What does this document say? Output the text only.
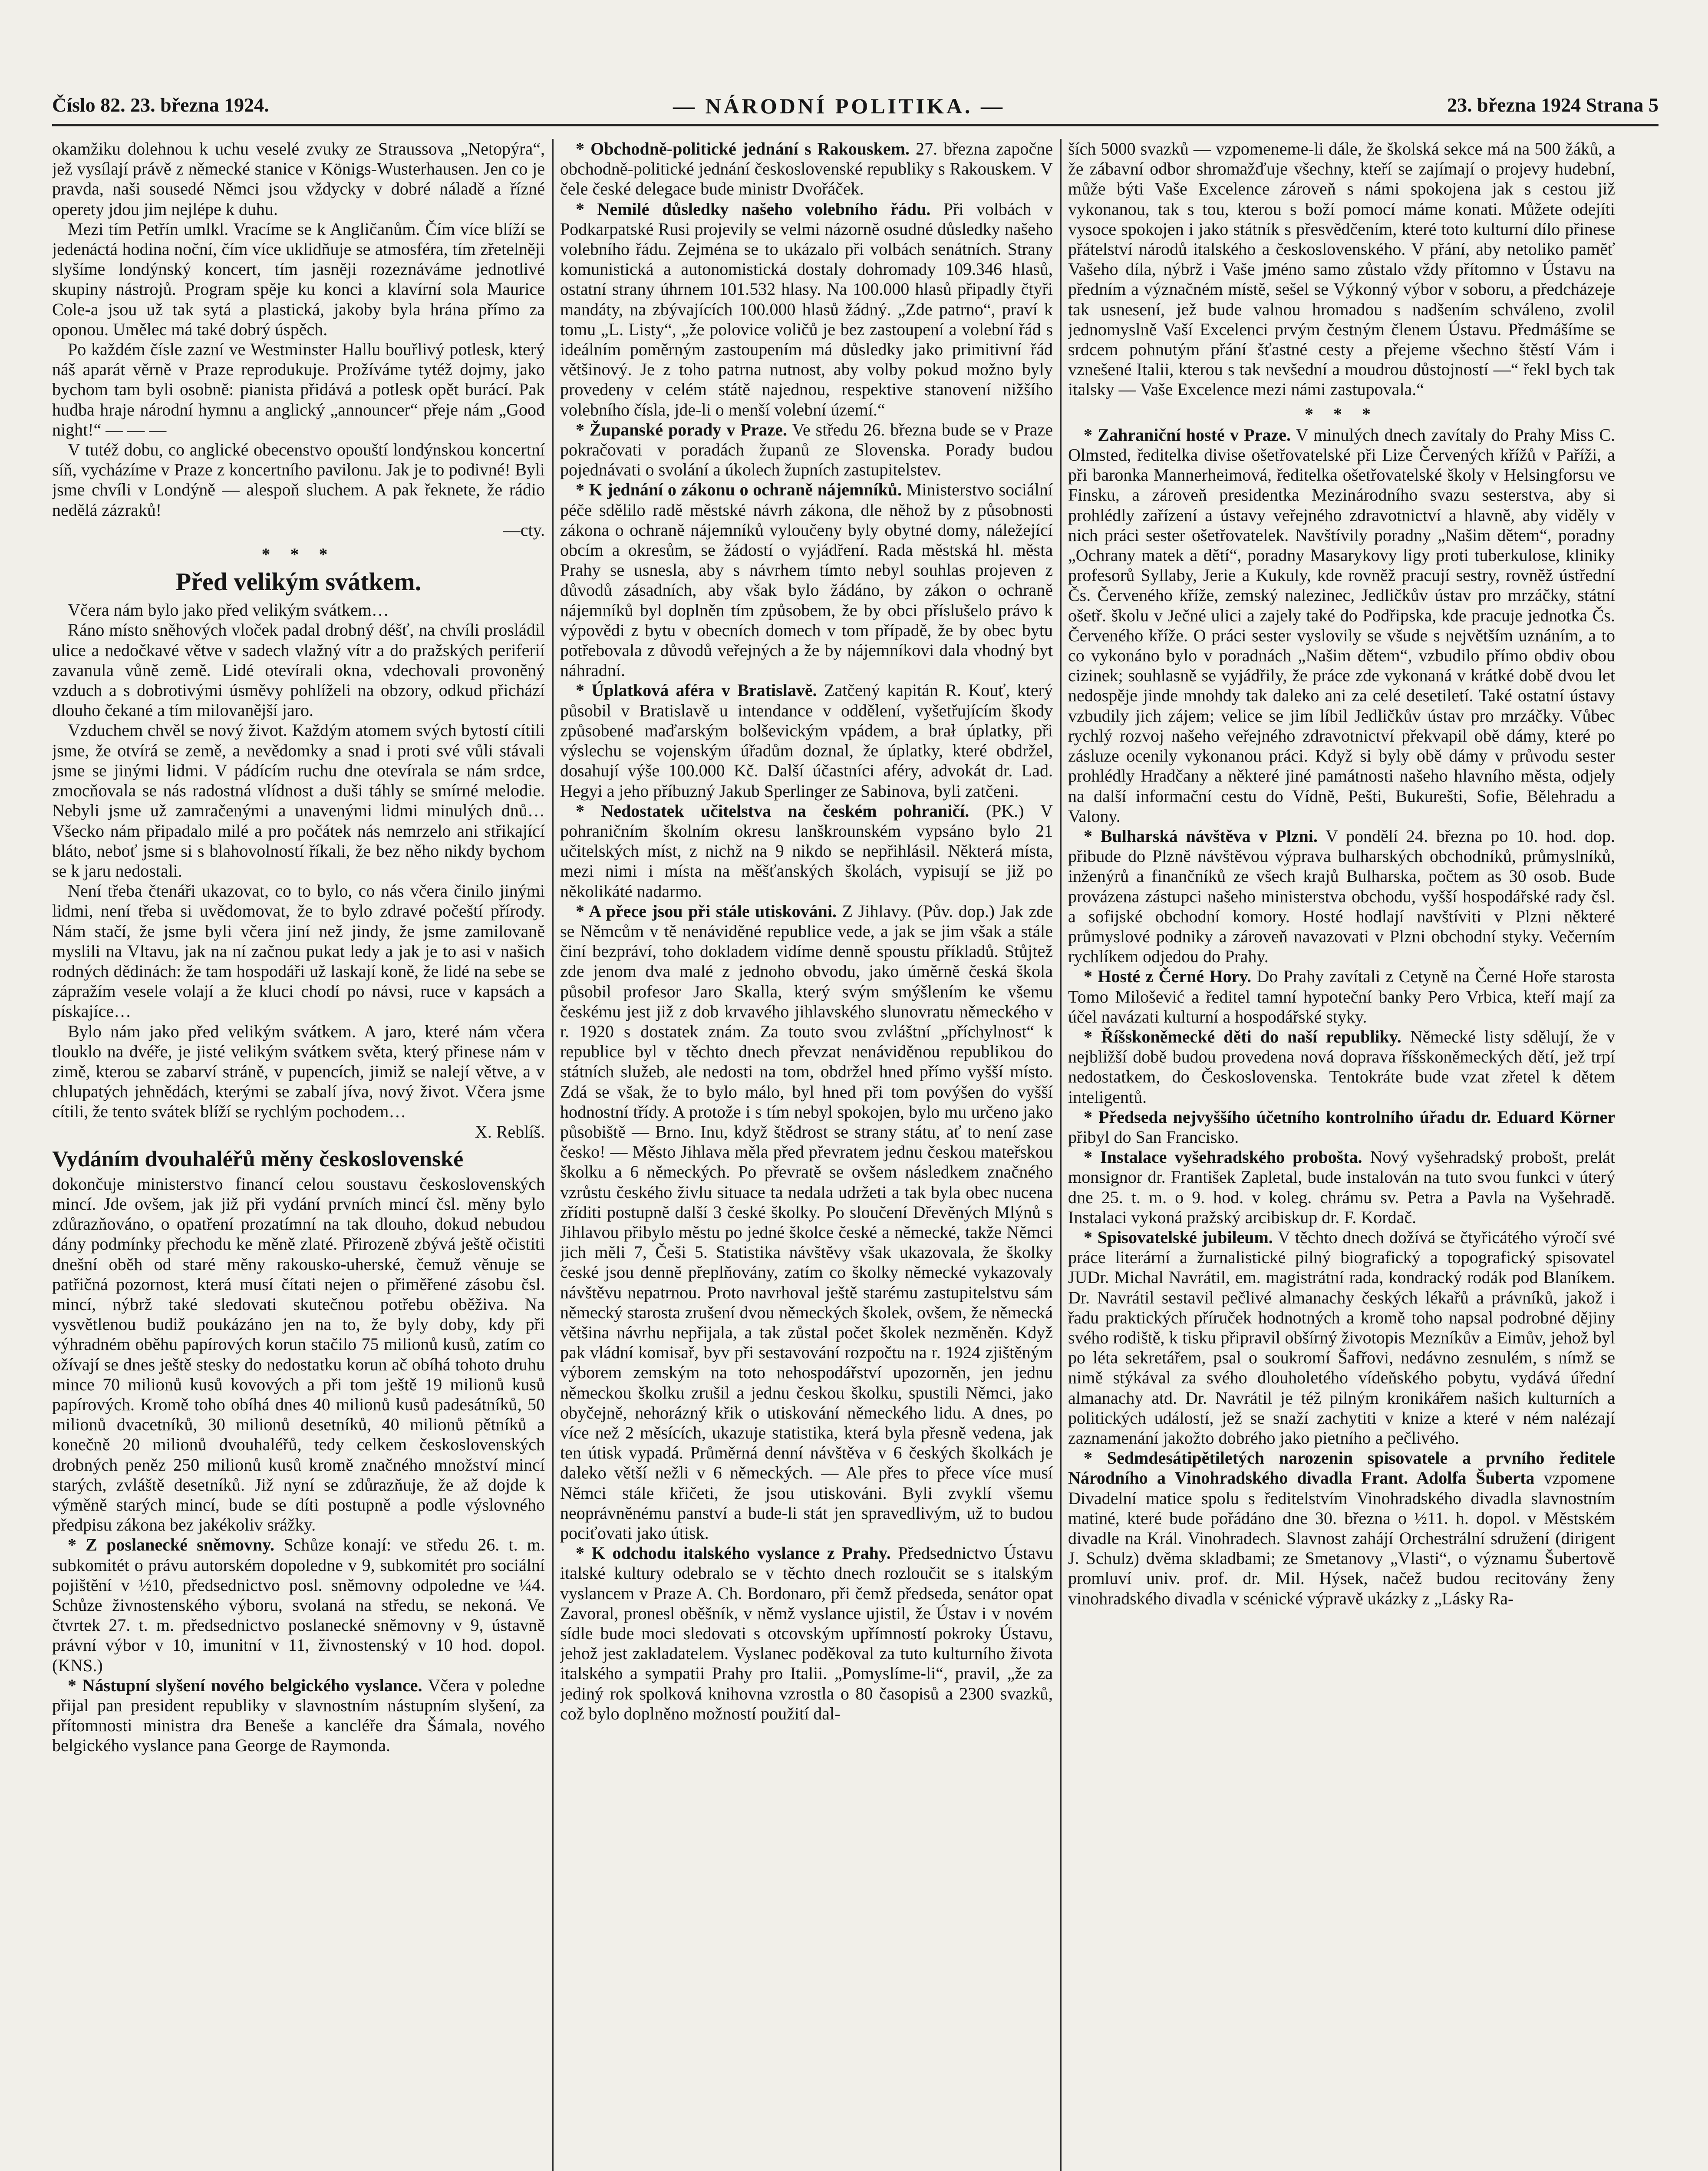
Číslo 82. 23. března 1924.	— NÁRODNÍ POLITIKA. —	23. března 1924 Strana 5

okamžiku dolehnou k uchu veselé zvuky ze Straussova „Netopýra“, jež vysílají právě z německé stanice v Königs-Wusterhausen. Jen co je pravda, naši sousedé Němci jsou vždycky v dobré náladě a řízné operety jdou jim nejlépe k duhu.

Mezi tím Petřín umlkl. Vracíme se k Angličanům. Čím více blíží se jedenáctá hodina noční, čím více uklidňuje se atmosféra, tím zřetelněji slyšíme londýnský koncert, tím jasněji rozeznáváme jednotlivé skupiny nástrojů. Program spěje ku konci a klavírní sola Maurice Cole-a jsou už tak sytá a plastická, jakoby byla hrána přímo za oponou. Umělec má také dobrý úspěch.

Po každém čísle zazní ve Westminster Hallu bouřlivý potlesk, který náš aparát věrně v Praze reprodukuje. Prožíváme tytéž dojmy, jako bychom tam byli osobně: pianista přidává a potlesk opět burácí. Pak hudba hraje národní hymnu a anglický „announcer“ přeje nám „Good night!“ — — —

V tutéž dobu, co anglické obecenstvo opouští londýnskou koncertní síň, vycházíme v Praze z koncertního pavilonu. Jak je to podivné! Byli jsme chvíli v Londýně — alespoň sluchem. A pak řeknete, že rádio nedělá zázraků!

—cty.
* * *
Před velikým svátkem.

Včera nám bylo jako před velikým svátkem…

Ráno místo sněhových vloček padal drobný déšť, na chvíli prosládil ulice a nedočkavé větve v sadech vlažný vítr a do pražských periferií zavanula vůně země. Lidé otevírali okna, vdechovali provoněný vzduch a s dobrotivými úsměvy pohlíželi na obzory, odkud přichází dlouho čekané a tím milovanější jaro.

Vzduchem chvěl se nový život. Každým atomem svých bytostí cítili jsme, že otvírá se země, a nevědomky a snad i proti své vůli stávali jsme se jinými lidmi. V pádícím ruchu dne otevírala se nám srdce, zmocňovala se nás radostná vlídnost a duši táhly se smírné melodie. Nebyli jsme už zamračenými a unavenými lidmi minulých dnů… Všecko nám připadalo milé a pro počátek nás nemrzelo ani střikající bláto, neboť jsme si s blahovolností říkali, že bez něho nikdy bychom se k jaru nedostali.

Není třeba čtenáři ukazovat, co to bylo, co nás včera činilo jinými lidmi, není třeba si uvědomovat, že to bylo zdravé počeští přírody. Nám stačí, že jsme byli včera jiní než jindy, že jsme zamilovaně myslili na Vltavu, jak na ní začnou pukat ledy a jak je to asi v našich rodných dědinách: že tam hospodáři už laskají koně, že lidé na sebe se zápražím vesele volají a že kluci chodí po návsi, ruce v kapsách a pískajíce…

Bylo nám jako před velikým svátkem. A jaro, které nám včera tlouklo na dvéře, je jisté velikým svátkem světa, který přinese nám v zimě, kterou se zabarví stráně, v pupencích, jimiž se nalejí větve, a v chlupatých jehnědách, kterými se zabalí jíva, nový život. Včera jsme cítili, že tento svátek blíží se rychlým pochodem…

X. Reblíš.
Vydáním dvouhaléřů měny československé

dokončuje ministerstvo financí celou soustavu československých mincí. Jde ovšem, jak již při vydání prvních mincí čsl. měny bylo zdůrazňováno, o opatření prozatímní na tak dlouho, dokud nebudou dány podmínky přechodu ke měně zlaté. Přirozeně zbývá ještě očistiti dnešní oběh od staré měny rakousko-uherské, čemuž věnuje se patřičná pozornost, která musí čítati nejen o přiměřené zásobu čsl. mincí, nýbrž také sledovati skutečnou potřebu oběživa. Na vysvětlenou budiž poukázáno jen na to, že byly doby, kdy při výhradném oběhu papírových korun stačilo 75 milionů kusů, zatím co ožívají se dnes ještě stesky do nedostatku korun ač obíhá tohoto druhu mince 70 milionů kusů kovových a při tom ještě 19 milionů kusů papírových. Kromě toho obíhá dnes 40 milionů kusů padesátníků, 50 milionů dvacetníků, 30 milionů desetníků, 40 milionů pětníků a konečně 20 milionů dvouhaléřů, tedy celkem československých drobných peněz 250 milionů kusů kromě značného množství mincí starých, zvláště desetníků. Již nyní se zdůrazňuje, že až dojde k výměně starých mincí, bude se díti postupně a podle výslovného předpisu zákona bez jakékoliv srážky.

* Z poslanecké sněmovny. Schůze konají: ve středu 26. t. m. subkomitét o právu autorském dopoledne v 9, subkomitét pro sociální pojištění v ½10, předsednictvo posl. sněmovny odpoledne ve ¼4. Schůze živnostenského výboru, svolaná na středu, se nekoná. Ve čtvrtek 27. t. m. předsednictvo poslanecké sněmovny v 9, ústavně právní výbor v 10, imunitní v 11, živnostenský v 10 hod. dopol. (KNS.)

* Nástupní slyšení nového belgického vyslance. Včera v poledne přijal pan president republiky v slavnostním nástupním slyšení, za přítomnosti ministra dra Beneše a kancléře dra Šámala, nového belgického vyslance pana George de Raymonda.

* Obchodně-politické jednání s Rakouskem. 27. března započne obchodně-politické jednání československé republiky s Rakouskem. V čele české delegace bude ministr Dvořáček.

* Nemilé důsledky našeho volebního řádu. Při volbách v Podkarpatské Rusi projevily se velmi názorně osudné důsledky našeho volebního řádu. Zejména se to ukázalo při volbách senátních. Strany komunistická a autonomistická dostaly dohromady 109.346 hlasů, ostatní strany úhrnem 101.532 hlasy. Na 100.000 hlasů připadly čtyři mandáty, na zbývajících 100.000 hlasů žádný. „Zde patrno“, praví k tomu „L. Listy“, „že polovice voličů je bez zastoupení a volební řád s ideálním poměrným zastoupením má důsledky jako primitivní řád většinový. Je z toho patrna nutnost, aby volby pokud možno byly provedeny v celém státě najednou, respektive stanovení nižšího volebního čísla, jde-li o menší volební území.“

* Županské porady v Praze. Ve středu 26. března bude se v Praze pokračovati v poradách županů ze Slovenska. Porady budou pojednávati o svolání a úkolech župních zastupitelstev.

* K jednání o zákonu o ochraně nájemníků. Ministerstvo sociální péče sdělilo radě městské návrh zákona, dle něhož by z působnosti zákona o ochraně nájemníků vyloučeny byly obytné domy, náležející obcím a okresům, se žádostí o vyjádření. Rada městská hl. města Prahy se usnesla, aby s návrhem tímto nebyl souhlas projeven z důvodů zásadních, aby však bylo žádáno, by zákon o ochraně nájemníků byl doplněn tím způsobem, že by obci příslušelo právo k výpovědi z bytu v obecních domech v tom případě, že by obec bytu potřebovala z důvodů veřejných a že by nájemníkovi dala vhodný byt náhradní.

* Úplatková aféra v Bratislavě. Zatčený kapitán R. Kouť, který působil v Bratislavě u intendance v oddělení, vyšetřujícím škody způsobené maďarským bolševickým vpádem, a brał úplatky, při výslechu se vojenským úřadům doznal, že úplatky, které obdržel, dosahují výše 100.000 Kč. Další účastníci aféry, advokát dr. Lad. Hegyi a jeho příbuzný Jakub Sperlinger ze Sabinova, byli zatčeni.

* Nedostatek učitelstva na českém pohraničí. (PK.) V pohraničním školním okresu lanškrounském vypsáno bylo 21 učitelských míst, z nichž na 9 nikdo se nepřihlásil. Některá místa, mezi nimi i místa na měšťanských školách, vypisují se již po několikáté nadarmo.

* A přece jsou při stále utiskováni. Z Jihlavy. (Pův. dop.) Jak zde se Němcům v tě nenáviděné republice vede, a jak se jim však a stále činí bezpráví, toho dokladem vidíme denně spoustu příkladů. Stůjtež zde jenom dva malé z jednoho obvodu, jako úměrně česká škola působil profesor Jaro Skalla, který svým smýšlením ke všemu českému jest již z dob krvavého jihlavského slunovratu německého v r. 1920 s dostatek znám. Za touto svou zvláštní „příchylnost“ k republice byl v těchto dnech převzat nenáviděnou republikou do státních služeb, ale nedosti na tom, obdržel hned přímo vyšší místo. Zdá se však, že to bylo málo, byl hned při tom povýšen do vyšší hodnostní třídy. A protože i s tím nebyl spokojen, bylo mu určeno jako působiště — Brno. Inu, když štědrost se strany státu, ať to není zase česko! — Město Jihlava měla před převratem jednu českou mateřskou školku a 6 německých. Po převratě se ovšem následkem značného vzrůstu českého živlu situace ta nedala udržeti a tak byla obec nucena zříditi postupně další 3 české školky. Po sloučení Dřevěných Mlýnů s Jihlavou přibylo městu po jedné školce české a německé, takže Němci jich měli 7, Češi 5. Statistika návštěvy však ukazovala, že školky české jsou denně přeplňovány, zatím co školky německé vykazovaly návštěvu nepatrnou. Proto navrhoval ještě starému zastupitelstvu sám německý starosta zrušení dvou německých školek, ovšem, že německá většina návrhu nepřijala, a tak zůstal počet školek nezměněn. Když pak vládní komisař, byv při sestavování rozpočtu na r. 1924 zjištěným výborem zemským na toto nehospodářství upozorněn, jen jednu německou školku zrušil a jednu českou školku, spustili Němci, jako obyčejně, nehorázný křik o utiskování německého lidu. A dnes, po více než 2 měsících, ukazuje statistika, která byla přesně vedena, jak ten útisk vypadá. Průměrná denní návštěva v 6 českých školkách je daleko větší nežli v 6 německých. — Ale přes to přece více musí Němci stále křičeti, že jsou utiskováni. Byli zvyklí všemu neoprávněnému panství a bude-li stát jen spravedlivým, už to budou pociťovati jako útisk.

* K odchodu italského vyslance z Prahy. Předsednictvo Ústavu italské kultury odebralo se v těchto dnech rozloučit se s italským vyslancem v Praze A. Ch. Bordonaro, při čemž předseda, senátor opat Zavoral, pronesl oběšník, v němž vyslance ujistil, že Ústav i v novém sídle bude moci sledovati s otcovským upřímností pokroky Ústavu, jehož jest zakladatelem. Vyslanec poděkoval za tuto kulturního života italského a sympatii Prahy pro Italii. „Pomyslíme-li“, pravil, „že za jediný rok spolková knihovna vzrostla o 80 časopisů a 2300 svazků, což bylo doplněno možností použití dal-

ších 5000 svazků — vzpomeneme-li dále, že školská sekce má na 500 žáků, a že zábavní odbor shromažďuje všechny, kteří se zajímají o projevy hudební, může býti Vaše Excelence zároveň s námi spokojena jak s cestou již vykonanou, tak s tou, kterou s boží pomocí máme konati. Můžete odejíti vysoce spokojen i jako státník s přesvědčením, které toto kulturní dílo přinese přátelství národů italského a československého. V přání, aby netoliko paměť Vašeho díla, nýbrž i Vaše jméno samo zůstalo vždy přítomno v Ústavu na předním a význačném místě, sešel se Výkonný výbor v soboru, a předcházeje tak usnesení, jež bude valnou hromadou s nadšením schváleno, zvolil jednomyslně Vaší Excelenci prvým čestným členem Ústavu. Předmášíme se srdcem pohnutým přání šťastné cesty a přejeme všechno štěstí Vám i vznešené Italii, kterou s tak nevšední a moudrou důstojností —“ řekl bych tak italsky — Vaše Excelence mezi námi zastupovala.“

* * *

* Zahraniční hosté v Praze. V minulých dnech zavítaly do Prahy Miss C. Olmsted, ředitelka divise ošetřovatelské při Lize Červených křížů v Paříži, a při baronka Mannerheimová, ředitelka ošetřovatelské školy v Helsingforsu ve Finsku, a zároveň presidentka Mezinárodního svazu sesterstva, aby si prohlédly zařízení a ústavy veřejného zdravotnictví a hlavně, aby viděly v nich práci sester ošetřovatelek. Navštívily poradny „Našim dětem“, poradny „Ochrany matek a dětí“, poradny Masarykovy ligy proti tuberkulose, kliniky profesorů Syllaby, Jerie a Kukuly, kde rovněž pracují sestry, rovněž ústřední Čs. Červeného kříže, zemský nalezinec, Jedličkův ústav pro mrzáčky, státní ošetř. školu v Ječné ulici a zajely také do Podřipska, kde pracuje jednotka Čs. Červeného kříže. O práci sester vyslovily se všude s největším uznáním, a to co vykonáno bylo v poradnách „Našim dětem“, vzbudilo přímo obdiv obou cizinek; souhlasně se vyjádřily, že práce zde vykonaná v krátké době dvou let nedospěje jinde mnohdy tak daleko ani za celé desetiletí. Také ostatní ústavy vzbudily jich zájem; velice se jim líbil Jedličkův ústav pro mrzáčky. Vůbec rychlý rozvoj našeho veřejného zdravotnictví překvapil obě dámy, které po zásluze ocenily vykonanou práci. Když si byly obě dámy v průvodu sester prohlédly Hradčany a některé jiné památnosti našeho hlavního města, odjely na další informační cestu do Vídně, Pešti, Bukurešti, Sofie, Bělehradu a Valony.

* Bulharská návštěva v Plzni. V pondělí 24. března po 10. hod. dop. přibude do Plzně návštěvou výprava bulharských obchodníků, průmyslníků, inženýrů a finančníků ze všech krajů Bulharska, počtem as 30 osob. Bude provázena zástupci našeho ministerstva obchodu, vyšší hospodářské rady čsl. a sofijské obchodní komory. Hosté hodlají navštíviti v Plzni některé průmyslové podniky a zároveň navazovati v Plzni obchodní styky. Večerním rychlíkem odjedou do Prahy.

* Hosté z Černé Hory. Do Prahy zavítali z Cetyně na Černé Hoře starosta Tomo Milošević a ředitel tamní hypoteční banky Pero Vrbica, kteří mají za účel navázati kulturní a hospodářské styky.

* Říšskoněmecké děti do naší republiky. Německé listy sdělují, že v nejbližší době budou provedena nová doprava říšskoněmeckých dětí, jež trpí nedostatkem, do Československa. Tentokráte bude vzat zřetel k dětem inteligentů.

* Předseda nejvyššího účetního kontrolního úřadu dr. Eduard Körner přibyl do San Francisko.

* Instalace vyšehradského probošta. Nový vyšehradský probošt, prelát monsignor dr. František Zapletal, bude instalován na tuto svou funkci v úterý dne 25. t. m. o 9. hod. v koleg. chrámu sv. Petra a Pavla na Vyšehradě. Instalaci vykoná pražský arcibiskup dr. F. Kordač.

* Spisovatelské jubileum. V těchto dnech dožívá se čtyřicátého výročí své práce literární a žurnalistické pilný biografický a topografický spisovatel JUDr. Michal Navrátil, em. magistrátní rada, kondracký rodák pod Blaníkem. Dr. Navrátil sestavil pečlivé almanachy českých lékařů a právníků, jakož i řadu praktických příruček hodnotných a kromě toho napsal podrobné dějiny svého rodiště, k tisku připravil obšírný životopis Mezníkův a Eimův, jehož byl po léta sekretářem, psal o soukromí Šafřovi, nedávno zesnulém, s nímž se nimě stýkával za svého dlouholetého vídeňského pobytu, vydává úřední almanachy atd. Dr. Navrátil je též pilným kronikářem našich kulturních a politických událostí, jež se snaží zachytiti v knize a které v ném nalézají zaznamenání jakožto dobrého jako pietního a pečlivého.

* Sedmdesátipětiletých narozenin spisovatele a prvního ředitele Národního a Vinohradského divadla Frant. Adolfa Šuberta vzpomene Divadelní matice spolu s ředitelstvím Vinohradského divadla slavnostním matiné, které bude pořádáno dne 30. března o ½11. h. dopol. v Městském divadle na Král. Vinohradech. Slavnost zahájí Orchestrální sdružení (dirigent J. Schulz) dvěma skladbami; ze Smetanovy „Vlasti“, o významu Šubertově promluví univ. prof. dr. Mil. Hýsek, načež budou recitovány ženy vinohradského divadla v scénické výpravě ukázky z „Lásky Ra-
